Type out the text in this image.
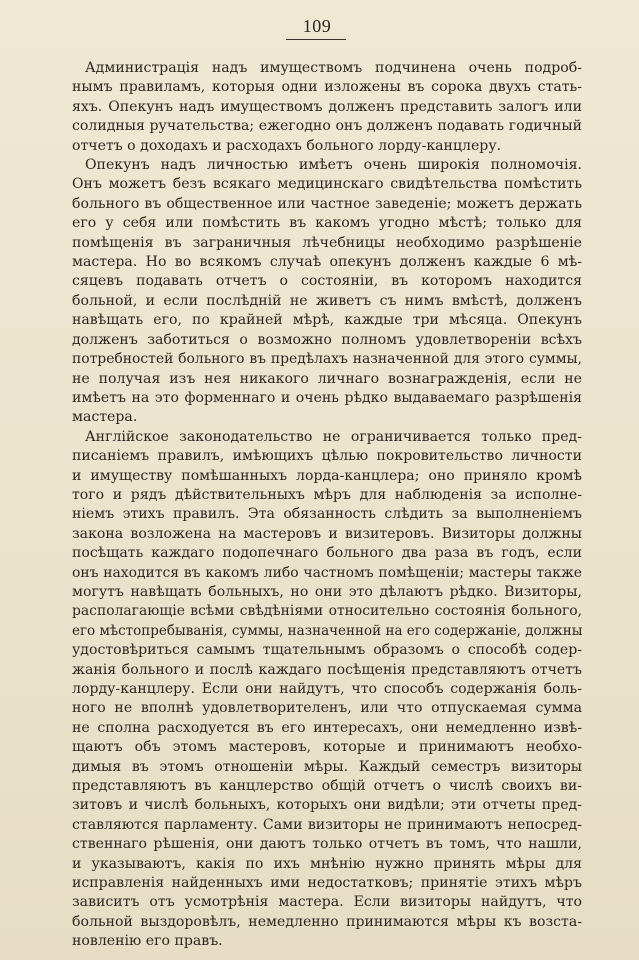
109
Администрація надъ имуществомъ подчинена очень подроб-
нымъ правиламъ, которыя одни изложены въ сорока двухъ стать-
яхъ. Опекунъ надъ имуществомъ долженъ представить залогъ или
солидныя ручательства; ежегодно онъ долженъ подавать годичный
отчетъ о доходахъ и расходахъ больного лорду-канцлеру.
Опекунъ надъ личностью имѣетъ очень широкія полномочія.
Онъ можетъ безъ всякаго медицинскаго свидѣтельства помѣстить
больного въ общественное или частное заведеніе; можетъ держать
его у себя или помѣстить въ какомъ угодно мѣстѣ; только для
помѣщенія въ заграничныя лѣчебницы необходимо разрѣшеніе
мастера. Но во всякомъ случаѣ опекунъ долженъ каждые 6 мѣ-
сяцевъ подавать отчетъ о состояніи, въ которомъ находится
больной, и если послѣдній не живетъ съ нимъ вмѣстѣ, долженъ
навѣщать его, по крайней мѣрѣ, каждые три мѣсяца. Опекунъ
долженъ заботиться о возможно полномъ удовлетвореніи всѣхъ
потребностей больного въ предѣлахъ назначенной для этого суммы,
не получая изъ нея никакого личнаго вознагражденія, если не
имѣетъ на это форменнаго и очень рѣдко выдаваемаго разрѣшенія
мастера.
Англійское законодательство не ограничивается только пред-
писаніемъ правилъ, имѣющихъ цѣлью покровительство личности
и имуществу помѣшанныхъ лорда-канцлера; оно приняло кромѣ
того и рядъ дѣйствительныхъ мѣръ для наблюденія за исполне-
ніемъ этихъ правилъ. Эта обязанность слѣдить за выполненіемъ
закона возложена на мастеровъ и визитеровъ. Визиторы должны
посѣщать каждаго подопечнаго больного два раза въ годъ, если
онъ находится въ какомъ либо частномъ помѣщеніи; мастеры также
могутъ навѣщать больныхъ, но они это дѣлаютъ рѣдко. Визиторы,
располагающіе всѣми свѣдѣніями относительно состоянія больного,
его мѣстопребыванія, суммы, назначенной на его содержаніе, должны
удостовѣриться самымъ тщательнымъ образомъ о способѣ содер-
жанія больного и послѣ каждаго посѣщенія представляютъ отчетъ
лорду-канцлеру. Если они найдутъ, что способъ содержанія боль-
ного не вполнѣ удовлетворителенъ, или что отпускаемая сумма
не сполна расходуется въ его интересахъ, они немедленно извѣ-
щаютъ объ этомъ мастеровъ, которые и принимаютъ необхо-
димыя въ этомъ отношеніи мѣры. Каждый семестръ визиторы
представляютъ въ канцлерство общій отчетъ о числѣ своихъ ви-
зитовъ и числѣ больныхъ, которыхъ они видѣли; эти отчеты пред-
ставляются парламенту. Сами визиторы не принимаютъ непосред-
ственнаго рѣшенія, они даютъ только отчетъ въ томъ, что нашли,
и указываютъ, какія по ихъ мнѣнію нужно принять мѣры для
исправленія найденныхъ ими недостатковъ; принятіе этихъ мѣръ
зависитъ отъ усмотрѣнія мастера. Если визиторы найдутъ, что
больной выздоровѣлъ, немедленно принимаются мѣры къ возста-
новленію его правъ.
